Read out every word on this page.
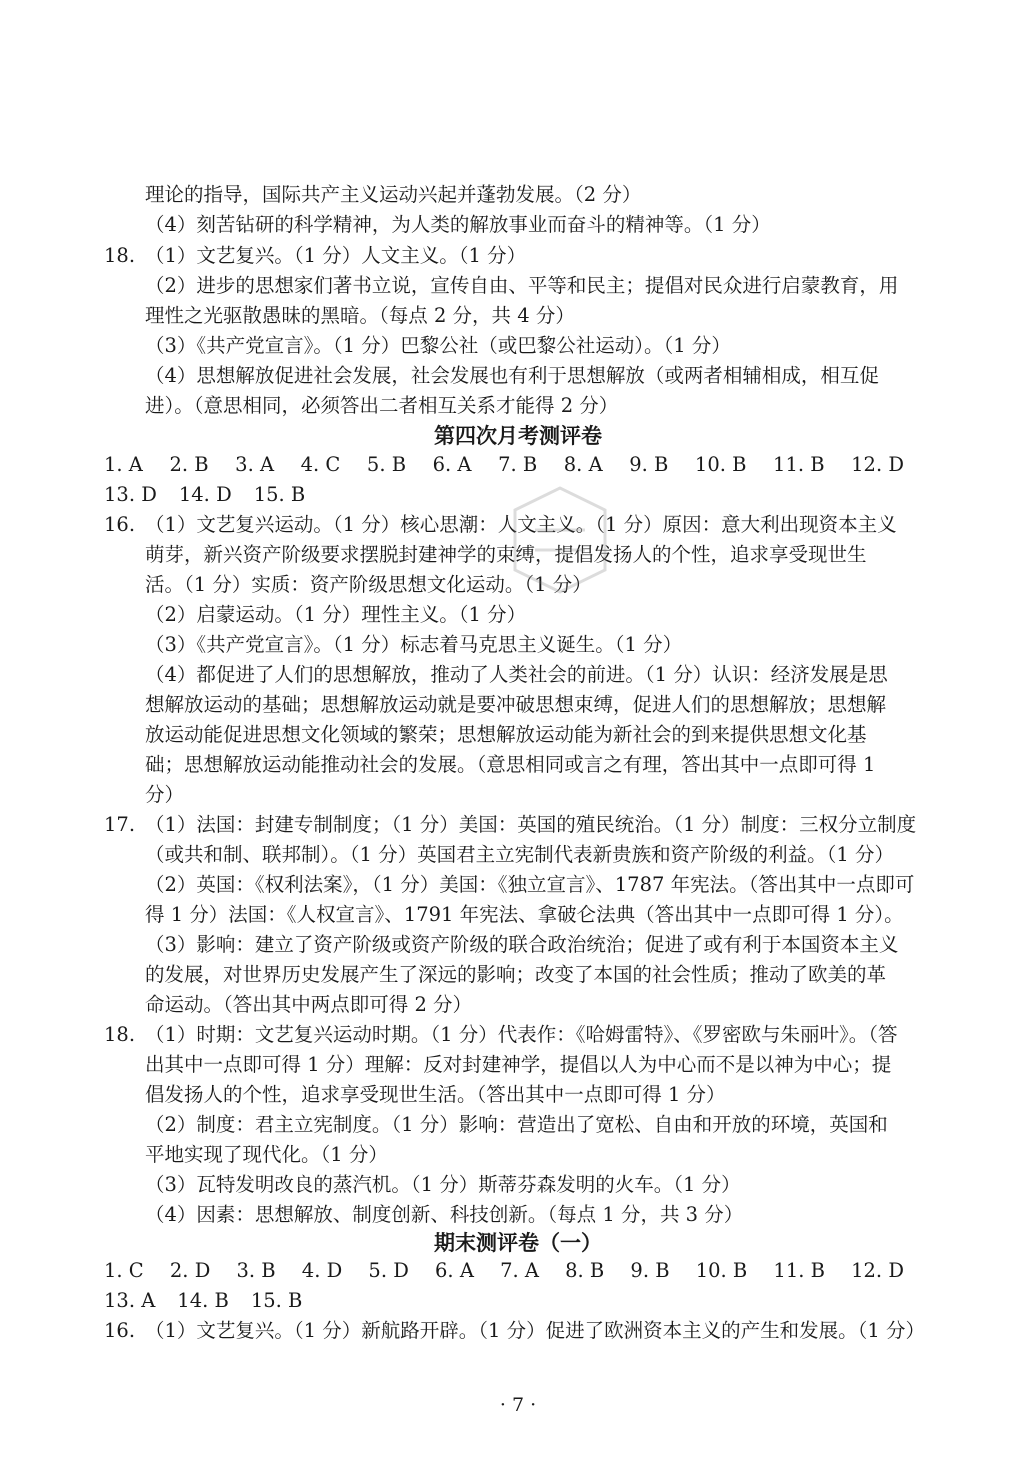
理论的指导，国际共产主义运动兴起并蓬勃发展。（2 分）
（4）刻苦钻研的科学精神，为人类的解放事业而奋斗的精神等。（1 分）
18. （1）文艺复兴。（1 分）人文主义。（1 分）
（2）进步的思想家们著书立说，宣传自由、平等和民主；提倡对民众进行启蒙教育，用
理性之光驱散愚昧的黑暗。（每点 2 分，共 4 分）
（3）《共产党宣言》。（1 分）巴黎公社（或巴黎公社运动）。（1 分）
（4）思想解放促进社会发展，社会发展也有利于思想解放（或两者相辅相成，相互促
进）。（意思相同，必须答出二者相互关系才能得 2 分）
第四次月考测评卷
1. A 2. B 3. A 4. C 5. B 6. A 7. B 8. A 9. B 10. B 11. B 12. D
13. D 14. D 15. B
16. （1）文艺复兴运动。（1 分）核心思潮：人文主义。（1 分）原因：意大利出现资本主义
萌芽，新兴资产阶级要求摆脱封建神学的束缚，提倡发扬人的个性，追求享受现世生
活。（1 分）实质：资产阶级思想文化运动。（1 分）
（2）启蒙运动。（1 分）理性主义。（1 分）
（3）《共产党宣言》。（1 分）标志着马克思主义诞生。（1 分）
（4）都促进了人们的思想解放，推动了人类社会的前进。（1 分）认识：经济发展是思
想解放运动的基础；思想解放运动就是要冲破思想束缚，促进人们的思想解放；思想解
放运动能促进思想文化领域的繁荣；思想解放运动能为新社会的到来提供思想文化基
础；思想解放运动能推动社会的发展。（意思相同或言之有理，答出其中一点即可得 1
分）
17. （1）法国：封建专制制度；（1 分）美国：英国的殖民统治。（1 分）制度：三权分立制度
（或共和制、联邦制）。（1 分）英国君主立宪制代表新贵族和资产阶级的利益。（1 分）
（2）英国：《权利法案》，（1 分）美国：《独立宣言》、1787 年宪法。（答出其中一点即可
得 1 分）法国：《人权宣言》、1791 年宪法、拿破仑法典（答出其中一点即可得 1 分）。
（3）影响：建立了资产阶级或资产阶级的联合政治统治；促进了或有利于本国资本主义
的发展，对世界历史发展产生了深远的影响；改变了本国的社会性质；推动了欧美的革
命运动。（答出其中两点即可得 2 分）
18. （1）时期：文艺复兴运动时期。（1 分）代表作：《哈姆雷特》、《罗密欧与朱丽叶》。（答
出其中一点即可得 1 分）理解：反对封建神学，提倡以人为中心而不是以神为中心；提
倡发扬人的个性，追求享受现世生活。（答出其中一点即可得 1 分）
（2）制度：君主立宪制度。（1 分）影响：营造出了宽松、自由和开放的环境，英国和
平地实现了现代化。（1 分）
（3）瓦特发明改良的蒸汽机。（1 分）斯蒂芬森发明的火车。（1 分）
（4）因素：思想解放、制度创新、科技创新。（每点 1 分，共 3 分）
期末测评卷（一）
1. C 2. D 3. B 4. D 5. D 6. A 7. A 8. B 9. B 10. B 11. B 12. D
13. A 14. B 15. B
16. （1）文艺复兴。（1 分）新航路开辟。（1 分）促进了欧洲资本主义的产生和发展。（1 分）
· 7 ·
